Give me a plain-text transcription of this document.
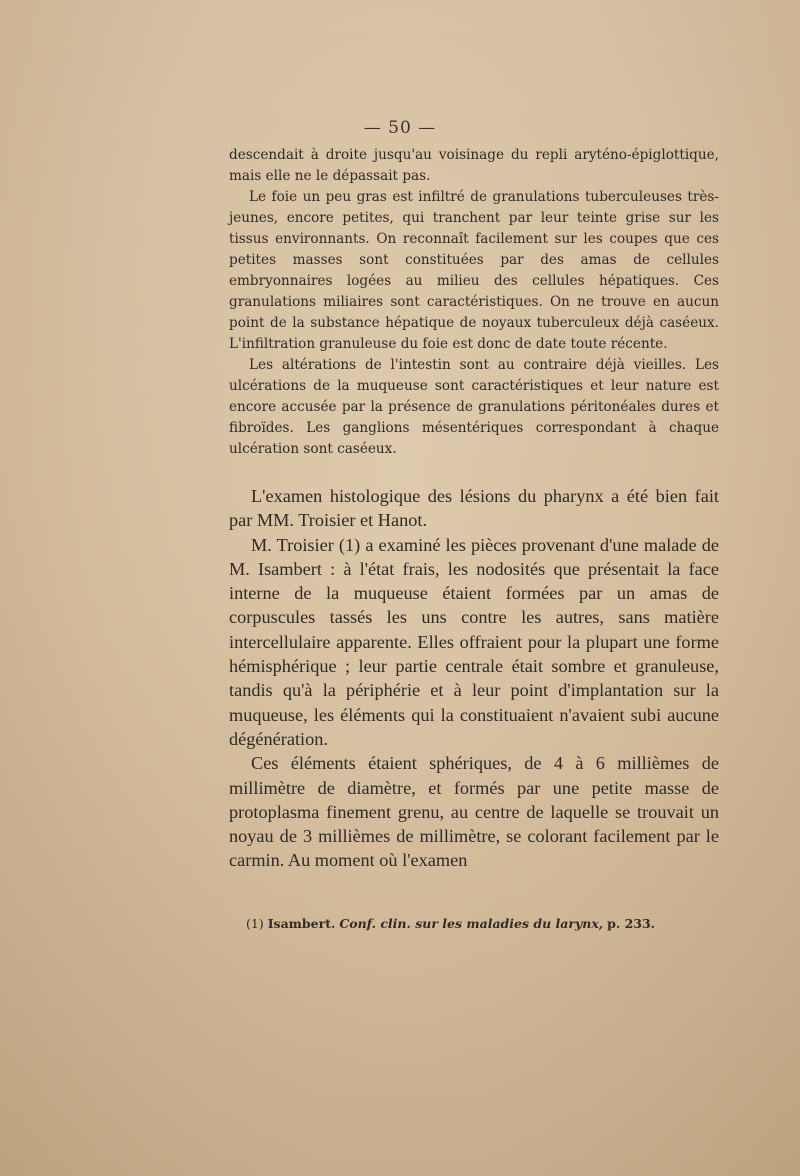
— 50 —

descendait à droite jusqu'au voisinage du repli aryténo-épiglottique, mais elle ne le dépassait pas.

Le foie un peu gras est infiltré de granulations tuberculeuses très-jeunes, encore petites, qui tranchent par leur teinte grise sur les tissus environnants. On reconnaît facilement sur les coupes que ces petites masses sont constituées par des amas de cellules embryonnaires logées au milieu des cellules hépatiques. Ces granulations miliaires sont caractéristiques. On ne trouve en aucun point de la substance hépatique de noyaux tuberculeux déjà caséeux. L'infiltration granuleuse du foie est donc de date toute récente.

Les altérations de l'intestin sont au contraire déjà vieilles. Les ulcérations de la muqueuse sont caractéristiques et leur nature est encore accusée par la présence de granulations péritonéales dures et fibroïdes. Les ganglions mésentériques correspondant à chaque ulcération sont caséeux.

L'examen histologique des lésions du pharynx a été bien fait par MM. Troisier et Hanot.

M. Troisier (1) a examiné les pièces provenant d'une malade de M. Isambert : à l'état frais, les nodosités que présentait la face interne de la muqueuse étaient formées par un amas de corpuscules tassés les uns contre les autres, sans matière intercellulaire apparente. Elles offraient pour la plupart une forme hémisphérique ; leur partie centrale était sombre et granuleuse, tandis qu'à la périphérie et à leur point d'implantation sur la muqueuse, les éléments qui la constituaient n'avaient subi aucune dégénération.

Ces éléments étaient sphériques, de 4 à 6 millièmes de millimètre de diamètre, et formés par une petite masse de protoplasma finement grenu, au centre de laquelle se trouvait un noyau de 3 millièmes de millimètre, se colorant facilement par le carmin. Au moment où l'examen

(1) Isambert. Conf. clin. sur les maladies du larynx, p. 233.
